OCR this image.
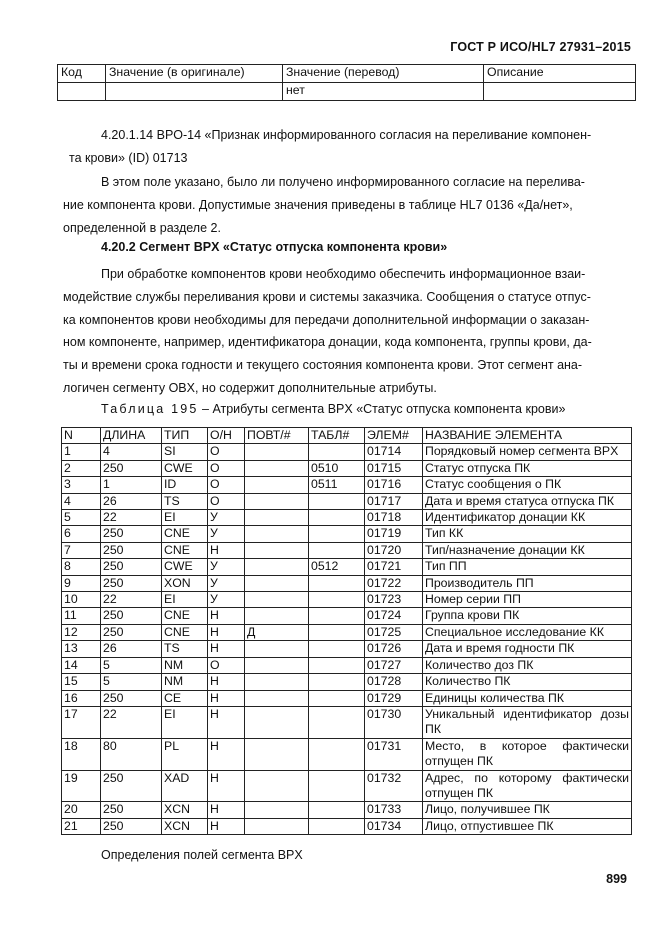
ГОСТ Р ИСО/HL7 27931–2015
Код	Значение (в оригинале)	Значение (перевод)	Описание
		нет	
4.20.1.14 BPO-14 «Признак информированного согласия на переливание компонен-
та крови» (ID) 01713
В этом поле указано, было ли получено информированного согласие на перелива-
ние компонента крови. Допустимые значения приведены в таблице HL7 0136 «Да/нет»,
определенной в разделе 2.
4.20.2 Сегмент BPX «Статус отпуска компонента крови»
При обработке компонентов крови необходимо обеспечить информационное взаи-
модействие службы переливания крови и системы заказчика. Сообщения о статусе отпус-
ка компонентов крови необходимы для передачи дополнительной информации о заказан-
ном компоненте, например, идентификатора донации, кода компонента, группы крови, да-
ты и времени срока годности и текущего состояния компонента крови. Этот сегмент ана-
логичен сегменту OBX, но содержит дополнительные атрибуты.
Таблица 195 – Атрибуты сегмента BPX «Статус отпуска компонента крови»
N	ДЛИНА	ТИП	О/Н	ПОВТ/#	ТАБЛ#	ЭЛЕМ#	НАЗВАНИЕ ЭЛЕМЕНТА
1	4	SI	О			01714	Порядковый номер сегмента BPX
2	250	CWE	О		0510	01715	Статус отпуска ПК
3	1	ID	О		0511	01716	Статус сообщения о ПК
4	26	TS	О			01717	Дата и время статуса отпуска ПК
5	22	EI	У			01718	Идентификатор донации КК
6	250	CNE	У			01719	Тип КК
7	250	CNE	Н			01720	Тип/назначение донации КК
8	250	CWE	У		0512	01721	Тип ПП
9	250	XON	У			01722	Производитель ПП
10	22	EI	У			01723	Номер серии ПП
11	250	CNE	Н			01724	Группа крови ПК
12	250	CNE	Н	Д		01725	Специальное исследование КК
13	26	TS	Н			01726	Дата и время годности ПК
14	5	NM	О			01727	Количество доз ПК
15	5	NM	Н			01728	Количество ПК
16	250	CE	Н			01729	Единицы количества ПК
17	22	EI	Н			01730	Уникальный идентификатор дозы ПК
18	80	PL	Н			01731	Место, в которое фактически отпущен ПК
19	250	XAD	Н			01732	Адрес, по которому фактически отпущен ПК
20	250	XCN	Н			01733	Лицо, получившее ПК
21	250	XCN	Н			01734	Лицо, отпустившее ПК
Определения полей сегмента BPX
899
